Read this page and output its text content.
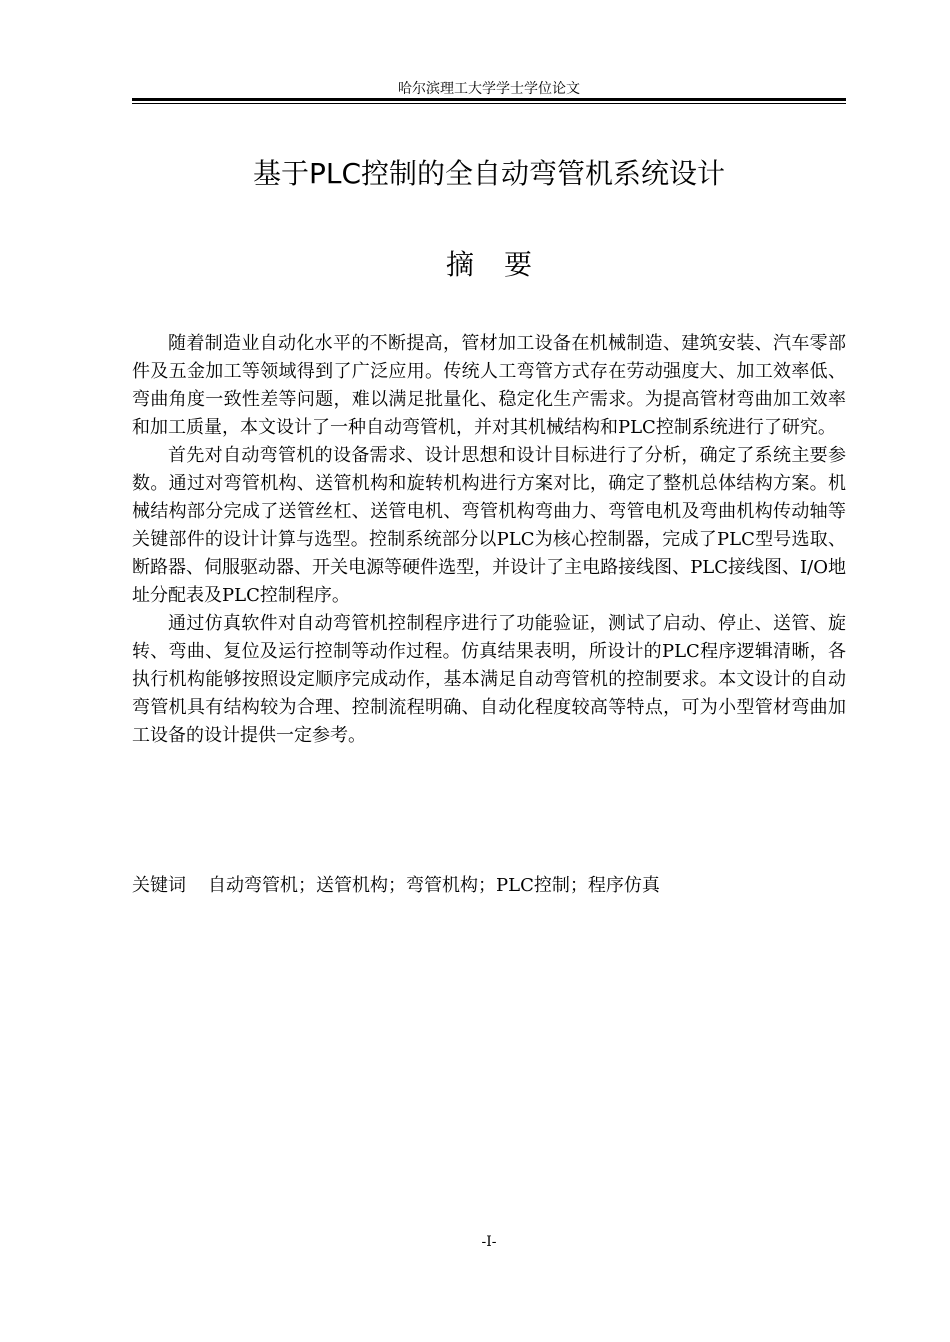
哈尔滨理工大学学士学位论文
基于PLC控制的全自动弯管机系统设计
摘要

随着制造业自动化水平的不断提高，管材加工设备在机械制造、建筑安装、汽车零部件及五金加工等领域得到了广泛应用。传统人工弯管方式存在劳动强度大、加工效率低、弯曲角度一致性差等问题，难以满足批量化、稳定化生产需求。为提高管材弯曲加工效率和加工质量，本文设计了一种自动弯管机，并对其机械结构和PLC控制系统进行了研究。

首先对自动弯管机的设备需求、设计思想和设计目标进行了分析，确定了系统主要参数。通过对弯管机构、送管机构和旋转机构进行方案对比，确定了整机总体结构方案。机械结构部分完成了送管丝杠、送管电机、弯管机构弯曲力、弯管电机及弯曲机构传动轴等关键部件的设计计算与选型。控制系统部分以PLC为核心控制器，完成了PLC型号选取、断路器、伺服驱动器、开关电源等硬件选型，并设计了主电路接线图、PLC接线图、I/O地址分配表及PLC控制程序。

通过仿真软件对自动弯管机控制程序进行了功能验证，测试了启动、停止、送管、旋转、弯曲、复位及运行控制等动作过程。仿真结果表明，所设计的PLC程序逻辑清晰，各执行机构能够按照设定顺序完成动作，基本满足自动弯管机的控制要求。本文设计的自动弯管机具有结构较为合理、控制流程明确、自动化程度较高等特点，可为小型管材弯曲加工设备的设计提供一定参考。

关键词 自动弯管机；送管机构；弯管机构；PLC控制；程序仿真
-I-
